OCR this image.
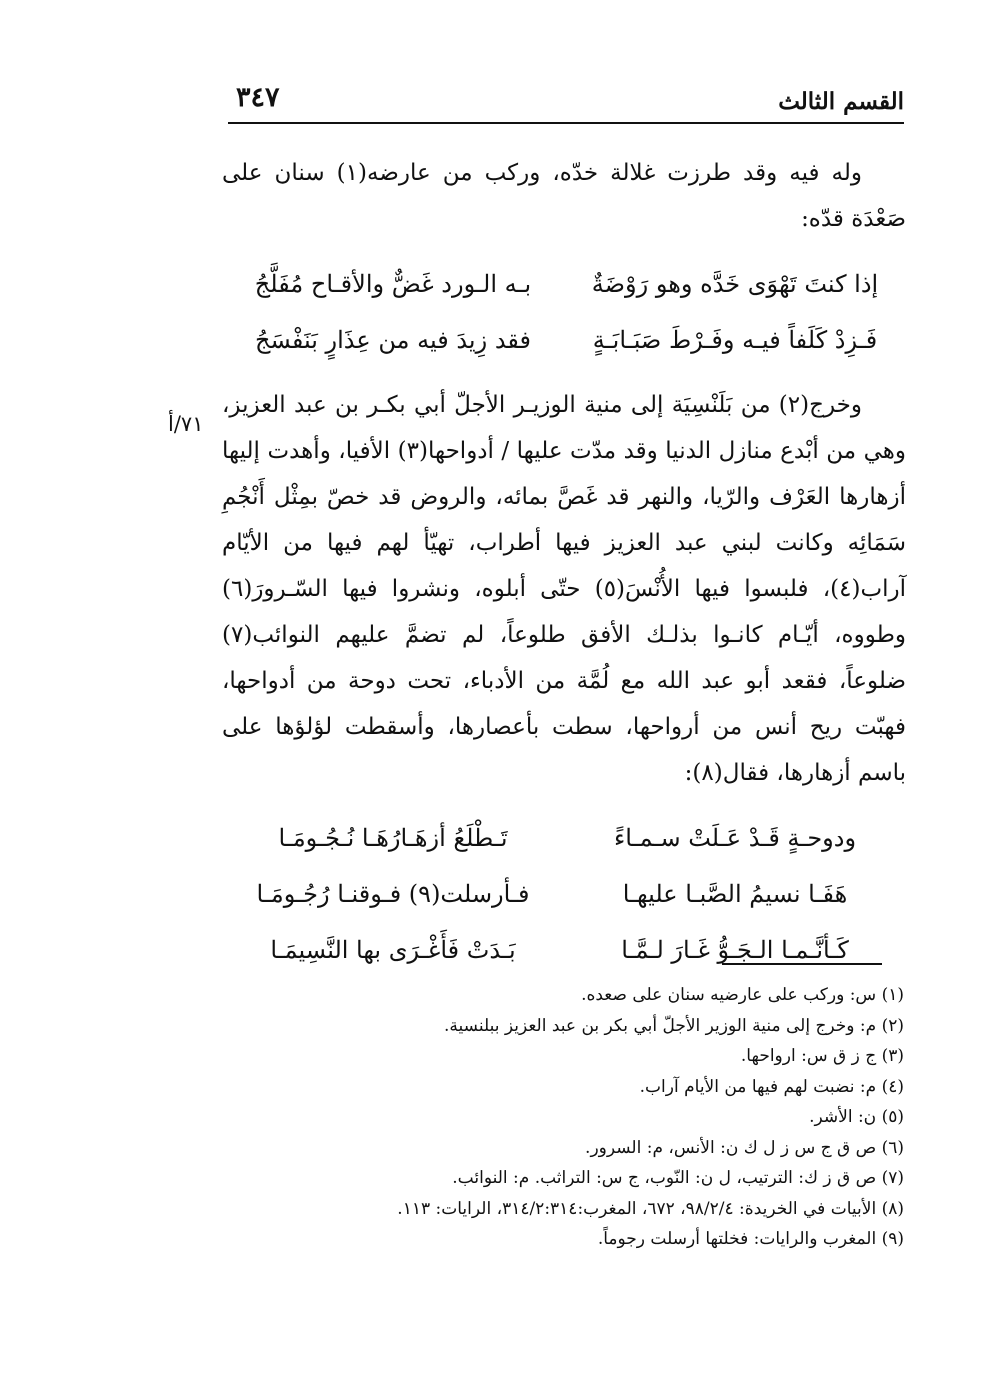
القسم الثالث
٣٤٧

وله فيه وقد طرزت غلالة خدّه، وركب من عارضه(١) سنان على صَعْدَة قدّه:

إذا كنتَ تَهْوَى خَدَّه وهو رَوْضَةٌ
بـه الـورد غَضٌّ والأقـاح مُفَلَّجُ
فَـزِدْ كَلَفاً فيـه وفَـرْطَ صَبَـابَـةٍ
فقد زِيدَ فيه من عِذَارٍ بَنَفْسَجُ

وخرج(٢) من بَلَنْسِيَة إلى منية الوزيـر الأجلّ أبي بكـر بن عبد العزيز، وهي من أبْدع منازل الدنيا وقد مدّت عليها / أدواحها(٣) الأفيا، وأهدت إليها أزهارها العَرْف والرّيا، والنهر قد غَصَّ بمائه، والروض قد خصّ بمِثْل أَنْجُمِ سَمَائِه وكانت لبني عبد العزيز فيها أطراب، تهيّأ لهم فيها من الأيّام آراب(٤)، فلبسوا فيها الأُنْسَ(٥) حتّى أبلوه، ونشروا فيها السّـرورَ(٦) وطووه، أيّـام كانـوا بذلـك الأفق طلوعاً، لم تضمَّ عليهم النوائب(٧) ضلوعاً، فقعد أبو عبد الله مع لُمَّة من الأدباء، تحت دوحة من أدواحها، فهبّت ريح أنس من أرواحها، سطت بأعصارها، وأسقطت لؤلؤها على باسم أزهارها، فقال(٨):

ودوحـةٍ قَـدْ عَـلَتْ سـمـاءً
تَـطْلَعُ أزهَـارُهَـا نُـجُـومَـا
هَفَـا نسيمُ الصَّبـا عليهـا
فـأرسلت(٩) فـوقنـا رُجُـومَـا
كَـأنَّـمـا الـجَـوُّ غَـارَ لـمَّـا
بَـدَتْ فَأَغْـرَى بها النَّسِيمَـا
٧١/أ
(١) س: وركب على عارضيه سنان على صعده.
(٢) م: وخرج إلى منية الوزير الأجلّ أبي بكر بن عبد العزيز ببلنسية.
(٣) ج ز ق س: ارواحها.
(٤) م: نضبت لهم فيها من الأيام آراب.
(٥) ن: الأشر.
(٦) ص ق ج س ز ل ك ن: الأنس، م: السرور.
(٧) ص ق ز ك: الترتيب، ل ن: النّوب، ج س: التراثب. م: النوائب.
(٨) الأبيات في الخريدة: ٩٨/٢/٤، ٦٧٢، المغرب:٣١٤/٢:٣١٤، الرايات: ١١٣.
(٩) المغرب والرايات: فخلتها أرسلت رجوماً.
